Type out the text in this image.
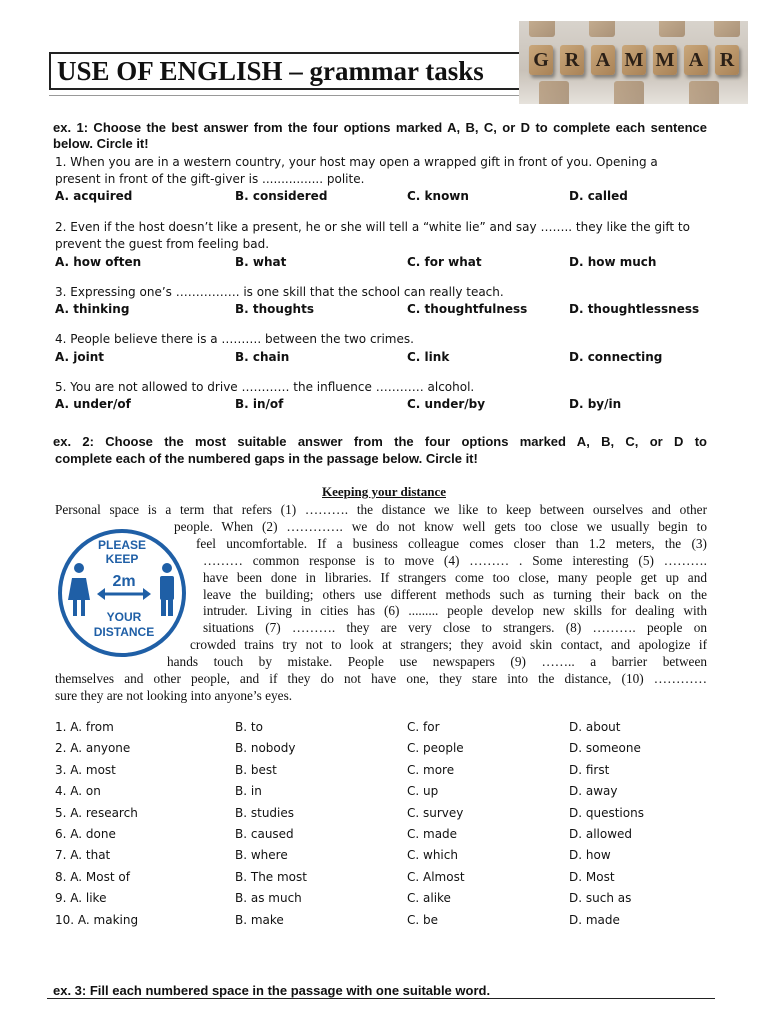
USE OF ENGLISH – grammar tasks G R A M M A R
ex. 1: Choose the best answer from the four options marked A, B, C, or D to complete each sentence below. Circle it!
1. When you are in a western country, your host may open a wrapped gift in front of you. Opening a
present in front of the gift-giver is ................ polite.
A. acquired	B. considered	C. known	D. called
2. Even if the host doesn’t like a present, he or she will tell a “white lie” and say …….. they like the gift to
prevent the guest from feeling bad.
A. how often	B. what	C. for what	D. how much
3. Expressing one’s ……………. is one skill that the school can really teach.
A. thinking	B. thoughts	C. thoughtfulness	D. thoughtlessness
4. People believe there is a ………. between the two crimes.
A. joint	B. chain	C. link	D. connecting
5. You are not allowed to drive ………… the influence ………… alcohol.
A. under/of	B. in/of	C. under/by	D. by/in
ex. 2: Choose the most suitable answer from the four options marked A, B, C, or D to
complete each of the numbered gaps in the passage below. Circle it!
Keeping your distance
Personal space is a term that refers (1) ………. the distance we like to keep between ourselves and other
people. When (2) …………. we do not know well gets too close we usually begin to
feel uncomfortable. If a business colleague comes closer than 1.2 meters, the (3)
……… common response is to move (4) ……… . Some interesting (5) ……….
have been done in libraries. If strangers come too close, many people get up and
leave the building; others use different methods such as turning their back on the
intruder. Living in cities has (6) ......... people develop new skills for dealing with
situations (7) ………. they are very close to strangers. (8) ………. people on
crowded trains try not to look at strangers; they avoid skin contact, and apologize if
hands touch by mistake. People use newspapers (9) …….. a barrier between
themselves and other people, and if they do not have one, they stare into the distance, (10) …………
sure they are not looking into anyone’s eyes.
PLEASE
KEEP
2m
YOUR
DISTANCE
1. A. from	B. to	C. for	D. about
2. A. anyone	B. nobody	C. people	D. someone
3. A. most	B. best	C. more	D. first
4. A. on	B. in	C. up	D. away
5. A. research	B. studies	C. survey	D. questions
6. A. done	B. caused	C. made	D. allowed
7. A. that	B. where	C. which	D. how
8. A. Most of	B. The most	C. Almost	D. Most
9. A. like	B. as much	C. alike	D. such as
10. A. making	B. make	C. be	D. made
ex. 3: Fill each numbered space in the passage with one suitable word.
